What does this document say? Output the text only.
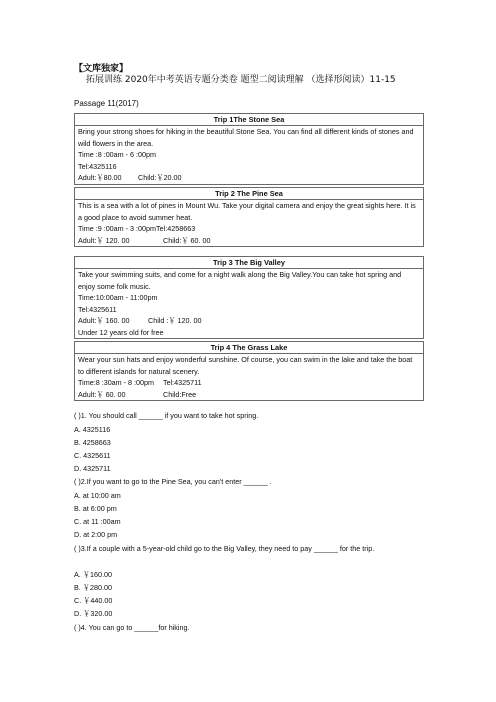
【文库独家】
拓展训练 2020年中考英语专题分类卷 题型二阅读理解 （选择形阅读）11-15
Passage 11(2017)
Trip 1The Stone Sea
Bring your strong shoes for hiking in the beautiful Stone Sea. You can find all different kinds of stones and wild flowers in the area.
Time :8 :00am - 6 :00pm
Tel:4325116
Adult:￥80.00 Child:￥20.00
Trip 2 The Pine Sea
This is a sea with a lot of pines in Mount Wu. Take your digital camera and enjoy the great sights here. It is a good place to avoid summer heat.
Time :9 :00am - 3 :00pmTel:4258663
Adult:￥ 120. 00	Child:￥ 60. 00
Trip 3 The Big Valley
Take your swimming suits, and come for a night walk along the Big Valley.You can take hot spring and enjoy some folk music.
Time:10:00am - 11:00pm
Tel:4325611
Adult:￥ 160. 00	Child :￥ 120. 00
Under 12 years old for free
Trip 4 The Grass Lake
Wear your sun hats and enjoy wonderful sunshine. Of course, you can swim in the lake and take the boat to different islands for natural scenery.
Time:8 :30am - 8 :00pm Tel:4325711
Adult:￥ 60. 00	Child:Free
( )1. You should call ______ if you want to take hot spring.
A. 4325116
B. 4258663
C. 4325611
D. 4325711
( )2.If you want to go to the Pine Sea, you can't enter ______ .
A. at 10:00 am
B. at 6:00 pm
C. at 11 :00am
D. at 2:00 pm
( )3.If a couple with a 5-year-old child go to the Big Valley, they need to pay ______ for the trip.
A. ￥160.00
B. ￥280.00
C. ￥440.00
D. ￥320.00
( )4. You can go to ______for hiking.
